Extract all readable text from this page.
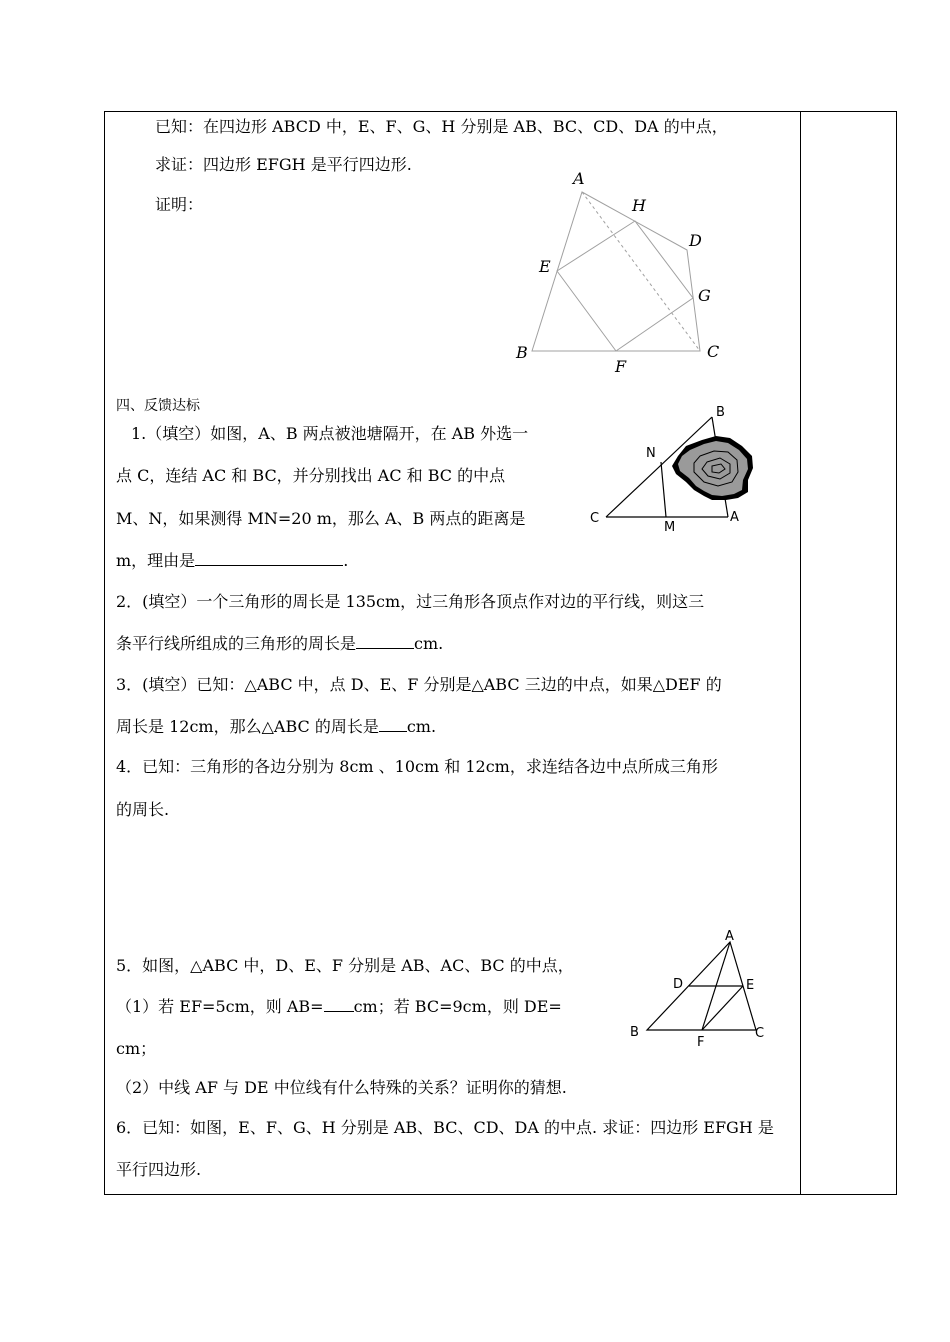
已知：在四边形 ABCD 中，E、F、G、H 分别是 AB、BC、CD、DA 的中点，
求证：四边形 EFGH 是平行四边形.
证明：
A
H
D
E
G
B	C
F
四、反馈达标
1.（填空）如图，A、B 两点被池塘隔开，在 AB 外选一
点 C，连结 AC 和 BC，并分别找出 AC 和 BC 的中点
M、N，如果测得 MN=20 m，那么 A、B 两点的距离是
m，理由是	.
B
N
C	A
M
2．(填空）一个三角形的周长是 135cm，过三角形各顶点作对边的平行线，则这三
条平行线所组成的三角形的周长是	cm.
3．(填空）已知：△ABC 中，点 D、E、F 分别是△ABC 三边的中点，如果△DEF 的
周长是 12cm，那么△ABC 的周长是 cm.
4．已知：三角形的各边分别为 8cm 、10cm 和 12cm，求连结各边中点所成三角形
的周长.
5．如图，△ABC 中，D、E、F 分别是 AB、AC、BC 的中点，
（1）若 EF=5cm，则 AB= cm；若 BC=9cm，则 DE=
cm；
（2）中线 AF 与 DE 中位线有什么特殊的关系？证明你的猜想.
A
D	E
B	C
F
6．已知：如图，E、F、G、H 分别是 AB、BC、CD、DA 的中点. 求证：四边形 EFGH 是
平行四边形.
